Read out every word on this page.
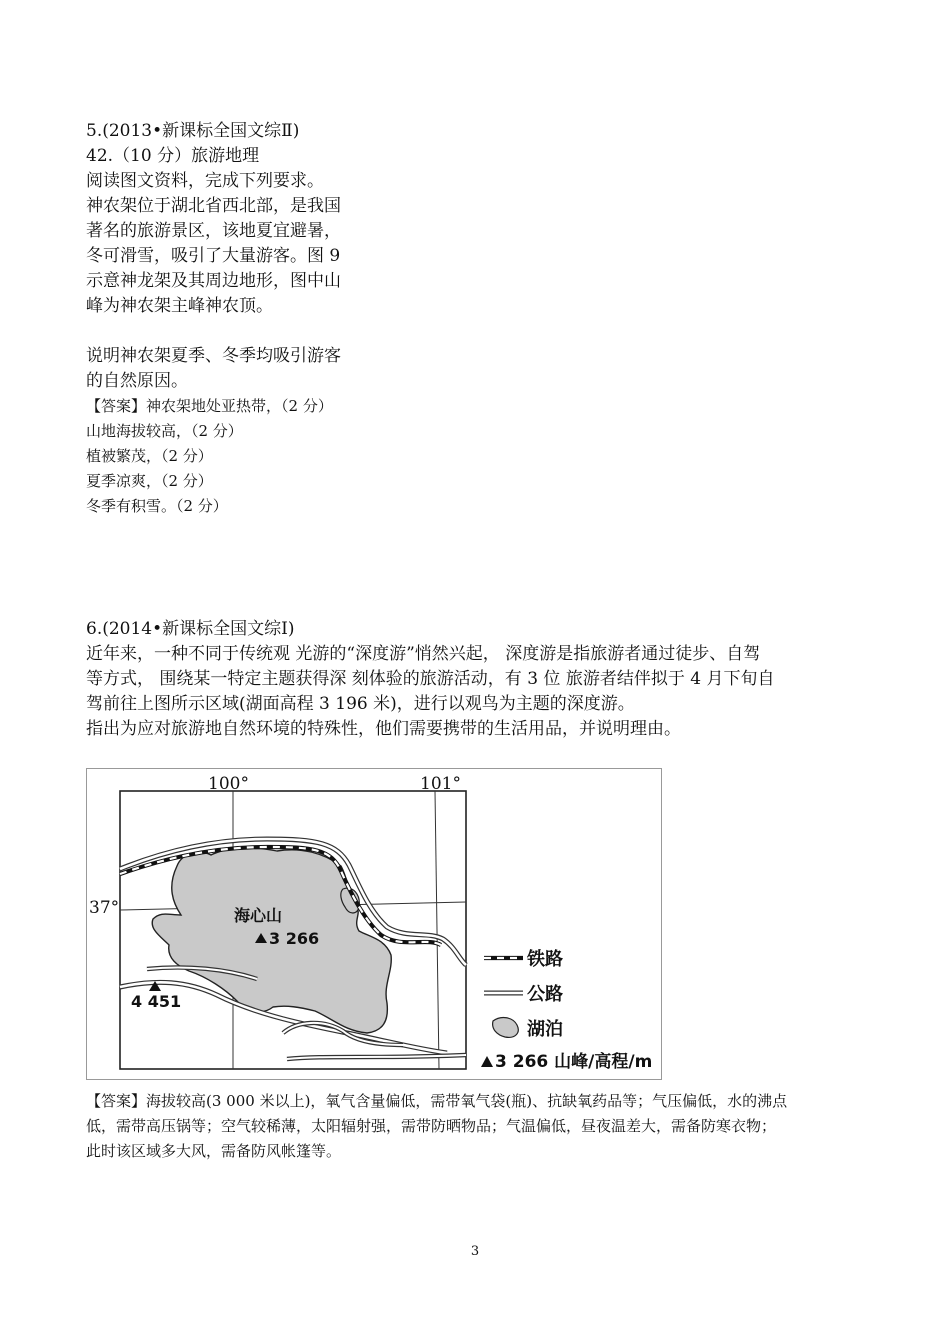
5.(2013•新课标全国文综Ⅱ)
42.（10 分）旅游地理
阅读图文资料，完成下列要求。
神农架位于湖北省西北部，是我国
著名的旅游景区，该地夏宜避暑，
冬可滑雪，吸引了大量游客。图 9
示意神龙架及其周边地形，图中山
峰为神农架主峰神农顶。
说明神农架夏季、冬季均吸引游客
的自然原因。
【答案】神农架地处亚热带，（2 分）
山地海拔较高，（2 分）
植被繁茂，（2 分）
夏季凉爽，（2 分）
冬季有积雪。（2 分）
6.(2014•新课标全国文综Ⅰ)
近年来，一种不同于传统观 光游的“深度游”悄然兴起， 深度游是指旅游者通过徒步、自驾
等方式， 围绕某一特定主题获得深 刻体验的旅游活动，有 3 位 旅游者结伴拟于 4 月下旬自
驾前往上图所示区域(湖面高程 3 196 米)，进行以观鸟为主题的深度游。
指出为应对旅游地自然环境的特殊性，他们需要携带的生活用品，并说明理由。
100°	101°
37°	海心山
3 266
4 451
铁路
公路
湖泊
3 266 山峰/高程/m
【答案】海拔较高(3 000 米以上)，氧气含量偏低，需带氧气袋(瓶)、抗缺氧药品等；气压偏低，水的沸点
低，需带高压锅等；空气较稀薄，太阳辐射强，需带防晒物品；气温偏低，昼夜温差大，需备防寒衣物；
此时该区域多大风，需备防风帐篷等。
3
